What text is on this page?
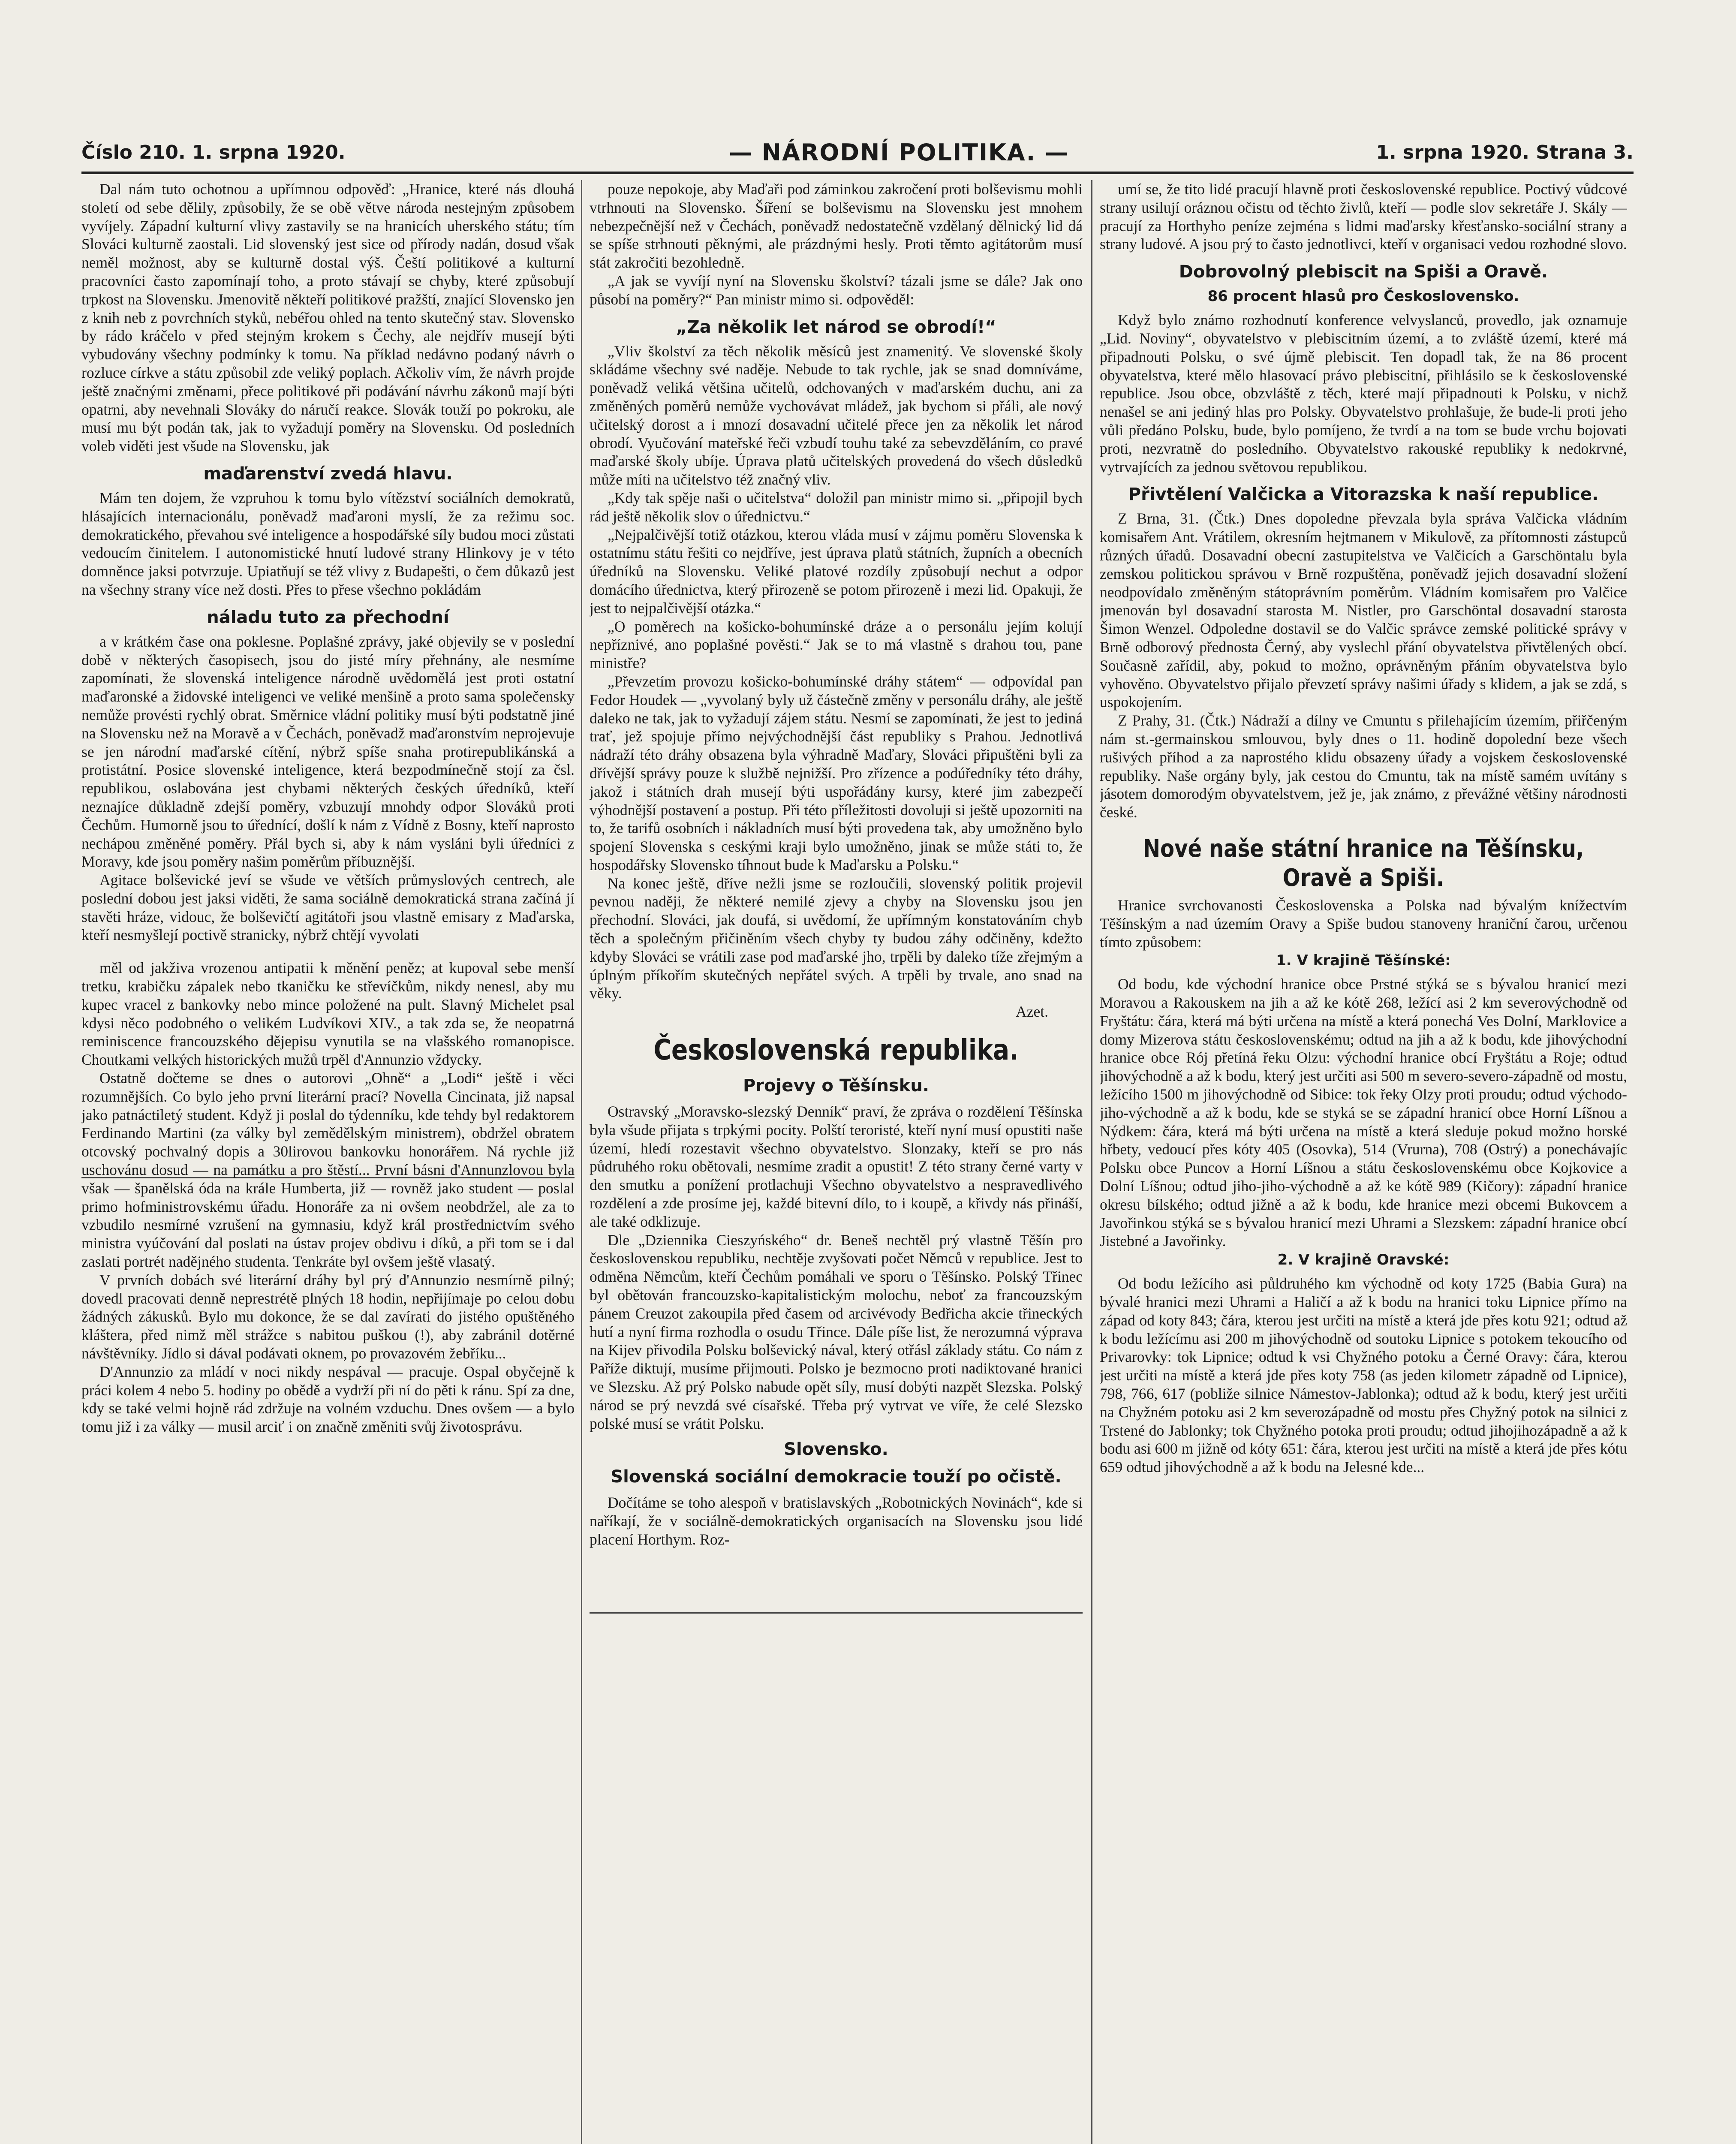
Číslo 210. 1. srpna 1920.	— NÁRODNÍ POLITIKA. —	1. srpna 1920. Strana 3.

Dal nám tuto ochotnou a upřímnou odpověď: „Hranice, které nás dlouhá století od sebe dělily, způsobily, že se obě větve národa nestejným způsobem vyvíjely. Západní kulturní vlivy zastavily se na hranicích uherského státu; tím Slováci kulturně zaostali. Lid slovenský jest sice od přírody nadán, dosud však neměl možnost, aby se kulturně dostal výš. Čeští politikové a kulturní pracovníci často zapomínají toho, a proto stávají se chyby, které způsobují trpkost na Slovensku. Jmenovitě někteří politikové pražští, znající Slovensko jen z knih neb z povrchních styků, nebéřou ohled na tento skutečný stav. Slovensko by rádo kráčelo v před stejným krokem s Čechy, ale nejdřív musejí býti vybudovány všechny podmínky k tomu. Na příklad nedávno podaný návrh o rozluce církve a státu způsobil zde veliký poplach. Ačkoliv vím, že návrh projde ještě značnými změnami, přece politikové při podávání návrhu zákonů mají býti opatrni, aby nevehnali Slováky do náručí reakce. Slovák touží po pokroku, ale musí mu být podán tak, jak to vyžadují poměry na Slovensku. Od posledních voleb viděti jest všude na Slovensku, jak

maďarenství zvedá hlavu.

Mám ten dojem, že vzpruhou k tomu bylo vítězství sociálních demokratů, hlásajících internacionálu, poněvadž maďaroni myslí, že za režimu soc. demokratického, převahou své inteligence a hospodářské síly budou moci zůstati vedoucím činitelem. I autonomistické hnutí ludové strany Hlinkovy je v této domněnce jaksi potvrzuje. Upiatňují se též vlivy z Budapešti, o čem důkazů jest na všechny strany více než dosti. Přes to přese všechno pokládám

náladu tuto za přechodní

a v krátkém čase ona poklesne. Poplašné zprávy, jaké objevily se v poslední době v některých časopisech, jsou do jisté míry přehnány, ale nesmíme zapomínati, že slovenská inteligence národně uvědomělá jest proti ostatní maďaronské a židovské inteligenci ve veliké menšině a proto sama společensky nemůže provésti rychlý obrat. Směrnice vládní politiky musí býti podstatně jiné na Slovensku než na Moravě a v Čechách, poněvadž maďaronstvím neprojevuje se jen národní maďarské cítění, nýbrž spíše snaha protirepublikánská a protistátní. Posice slovenské inteligence, která bezpodmínečně stojí za čsl. republikou, oslabována jest chybami některých českých úředníků, kteří neznajíce důkladně zdejší poměry, vzbuzují mnohdy odpor Slováků proti Čechům. Humorně jsou to úřednící, došlí k nám z Vídně z Bosny, kteří naprosto nechápou změněné poměry. Přál bych si, aby k nám vysláni byli úředníci z Moravy, kde jsou poměry našim poměrům příbuznější.

Agitace bolševické jeví se všude ve větších průmyslových centrech, ale poslední dobou jest jaksi viděti, že sama sociálně demokratická strana začíná jí stavěti hráze, vidouc, že bolševičtí agitátoři jsou vlastně emisary z Maďarska, kteří nesmyšlejí poctivě stranicky, nýbrž chtějí vyvolati

měl od jakživa vrozenou antipatii k měnění peněz; at kupoval sebe menší tretku, krabičku zápalek nebo tkaničku ke střevíčkům, nikdy nenesl, aby mu kupec vracel z bankovky nebo mince položené na pult. Slavný Michelet psal kdysi něco podobného o velikém Ludvíkovi XIV., a tak zda se, že neopatrná reminiscence francouzského dějepisu vynutila se na vlašského romanopisce. Choutkami velkých historických mužů trpěl d'Annunzio vždycky.

Ostatně dočteme se dnes o autorovi „Ohně“ a „Lodi“ ještě i věci rozumnějších. Co bylo jeho první literární prací? Novella Cincinata, již napsal jako patnáctiletý student. Když ji poslal do týdenníku, kde tehdy byl redaktorem Ferdinando Martini (za války byl zemědělským ministrem), obdržel obratem otcovský pochvalný dopis a 30lirovou bankovku honorářem. Ná rychle již uschovánu dosud — na památku a pro štěstí... První básni d'Annunzlovou byla však — španělská óda na krále Humberta, již — rovněž jako student — poslal primo hofministrovskému úřadu. Honoráře za ni ovšem neobdržel, ale za to vzbudilo nesmírné vzrušení na gymnasiu, když král prostřednictvím svého ministra vyúčování dal poslati na ústav projev obdivu i díků, a při tom se i dal zaslati portrét nadějného studenta. Tenkráte byl ovšem ještě vlasatý.

V prvních dobách své literární dráhy byl prý d'Annunzio nesmírně pilný; dovedl pracovati denně neprestrétě plných 18 hodin, nepřijímaje po celou dobu žádných zákusků. Bylo mu dokonce, že se dal zavírati do jistého opuštěného kláštera, před nimž měl strážce s nabitou puškou (!), aby zabránil dotěrné návštěvníky. Jídlo si dával podávati oknem, po provazovém žebříku...

D'Annunzio za mládí v noci nikdy nespával — pracuje. Ospal obyčejně k práci kolem 4 nebo 5. hodiny po obědě a vydrží při ní do pěti k ránu. Spí za dne, kdy se také velmi hojně rád zdržuje na volném vzduchu. Dnes ovšem — a bylo tomu již i za války — musil arciť i on značně změniti svůj životosprávu.

pouze nepokoje, aby Maďaři pod záminkou zakročení proti bolševismu mohli vtrhnouti na Slovensko. Šíření se bolševismu na Slovensku jest mnohem nebezpečnější než v Čechách, poněvadž nedostatečně vzdělaný dělnický lid dá se spíše strhnouti pěknými, ale prázdnými hesly. Proti těmto agitátorům musí stát zakročiti bezohledně.

„A jak se vyvíjí nyní na Slovensku školství? tázali jsme se dále? Jak ono působí na poměry?“ Pan ministr mimo si. odpověděl:

„Za několik let národ se obrodí!“

„Vliv školství za těch několik měsíců jest znamenitý. Ve slovenské školy skládáme všechny své naděje. Nebude to tak rychle, jak se snad domníváme, poněvadž veliká většina učitelů, odchovaných v maďarském duchu, ani za změněných poměrů nemůže vychovávat mládež, jak bychom si přáli, ale nový učitelský dorost a i mnozí dosavadní učitelé přece jen za několik let národ obrodí. Vyučování mateřské řeči vzbudí touhu také za sebevzděláním, co pravé maďarské školy ubíje. Úprava platů učitelských provedená do všech důsledků může míti na učitelstvo též značný vliv.

„Kdy tak spěje naši o učitelstva“ doložil pan ministr mimo si. „připojil bych rád ještě několik slov o úřednictvu.“

„Nejpalčivější totiž otázkou, kterou vláda musí v zájmu poměru Slovenska k ostatnímu státu řešiti co nejdříve, jest úprava platů státních, župních a obecních úředníků na Slovensku. Veliké platové rozdíly způsobují nechut a odpor domácího úřednictva, který přirozeně se potom přirozeně i mezi lid. Opakuji, že jest to nejpalčivější otázka.“

„O poměrech na košicko-bohumínské dráze a o personálu jejím kolují nepříznivé, ano poplašné pověsti.“ Jak se to má vlastně s drahou tou, pane ministře?

„Převzetím provozu košicko-bohumínské dráhy státem“ — odpovídal pan Fedor Houdek — „vyvolaný byly už částečně změny v personálu dráhy, ale ještě daleko ne tak, jak to vyžadují zájem státu. Nesmí se zapomínati, že jest to jediná trať, jež spojuje přímo nejvýchodnější část republiky s Prahou. Jednotlivá nádraží této dráhy obsazena byla výhradně Maďary, Slováci připuštěni byli za dřívější správy pouze k službě nejnižší. Pro zřízence a podúředníky této dráhy, jakož i státních drah musejí býti uspořádány kursy, které jim zabezpečí výhodnější postavení a postup. Při této příležitosti dovoluji si ještě upozorniti na to, že tarifů osobních i nákladních musí býti provedena tak, aby umožněno bylo spojení Slovenska s ceskými kraji bylo umožněno, jinak se může státi to, že hospodářsky Slovensko tíhnout bude k Maďarsku a Polsku.“

Na konec ještě, dříve nežli jsme se rozloučili, slovenský politik projevil pevnou naději, že některé nemilé zjevy a chyby na Slovensku jsou jen přechodní. Slováci, jak doufá, si uvědomí, že upřímným konstatováním chyb těch a společným přičiněním všech chyby ty budou záhy odčiněny, kdežto kdyby Slováci se vrátili zase pod maďarské jho, trpěli by daleko tíže zřejmým a úplným příkořím skutečných nepřátel svých. A trpěli by trvale, ano snad na věky.

Azet.

Československá republika.
Projevy o Těšínsku.

Ostravský „Moravsko-slezský Denník“ praví, že zpráva o rozdělení Těšínska byla všude přijata s trpkými pocity. Polští teroristé, kteří nyní musí opustiti naše území, hledí rozestavit všechno obyvatelstvo. Slonzaky, kteří se pro nás půdruhého roku obětovali, nesmíme zradit a opustit! Z této strany černé varty v den smutku a ponížení protlachuji Všechno obyvatelstvo a nespravedlivého rozdělení a zde prosíme jej, každé bitevní dílo, to i koupě, a křivdy nás přináší, ale také odklizuje.

Dle „Dziennika Cieszyńského“ dr. Beneš nechtěl prý vlastně Těšín pro československou republiku, nechtěje zvyšovati počet Němců v republice. Jest to odměna Němcům, kteří Čechům pomáhali ve sporu o Těšínsko. Polský Třinec byl obětován francouzsko-kapitalistickým molochu, neboť za francouzským pánem Creuzot zakoupila před časem od arcivévody Bedřicha akcie třineckých hutí a nyní firma rozhodla o osudu Třince. Dále píše list, že nerozumná výprava na Kijev přivodila Polsku bolševický nával, který otřásl základy státu. Co nám z Paříže diktují, musíme přijmouti. Polsko je bezmocno proti nadiktované hranici ve Slezsku. Až prý Polsko nabude opět síly, musí dobýti nazpět Slezska. Polský národ se prý nevzdá své císařské. Třeba prý vytrvat ve víře, že celé Slezsko polské musí se vrátit Polsku.

Slovensko.
Slovenská sociální demokracie touží po očistě.

Dočítáme se toho alespoň v bratislavských „Robotnických Novinách“, kde si naříkají, že v sociálně-demokratických organisacích na Slovensku jsou lidé placení Horthym. Roz-

umí se, že tito lidé pracují hlavně proti československé republice. Poctivý vůdcové strany usilují oráznou očistu od těchto živlů, kteří — podle slov sekretáře J. Skály — pracují za Horthyho peníze zejména s lidmi maďarsky křesťansko-sociální strany a strany ludové. A jsou prý to často jednotlivci, kteří v organisaci vedou rozhodné slovo.

Dobrovolný plebiscit na Spiši a Oravě.
86 procent hlasů pro Československo.

Když bylo známo rozhodnutí konference velvyslanců, provedlo, jak oznamuje „Lid. Noviny“, obyvatelstvo v plebiscitním území, a to zvláště území, které má připadnouti Polsku, o své újmě plebiscit. Ten dopadl tak, že na 86 procent obyvatelstva, které mělo hlasovací právo plebiscitní, přihlásilo se k československé republice. Jsou obce, obzvláště z těch, které mají připadnouti k Polsku, v nichž nenašel se ani jediný hlas pro Polsky. Obyvatelstvo prohlašuje, že bude-li proti jeho vůli předáno Polsku, bude, bylo pomíjeno, že tvrdí a na tom se bude vrchu bojovati proti, nezvratně do posledního. Obyvatelstvo rakouské republiky k nedokrvné, vytrvajících za jednou světovou republikou.

Přivtělení Valčicka a Vitorazska k naší republice.

Z Brna, 31. (Čtk.) Dnes dopoledne převzala byla správa Valčicka vládním komisařem Ant. Vrátilem, okresním hejtmanem v Mikulově, za přítomnosti zástupců různých úřadů. Dosavadní obecní zastupitelstva ve Valčicích a Garschöntalu byla zemskou politickou správou v Brně rozpuštěna, poněvadž jejich dosavadní složení neodpovídalo změněným státoprávním poměrům. Vládním komisařem pro Valčice jmenován byl dosavadní starosta M. Nistler, pro Garschöntal dosavadní starosta Šimon Wenzel. Odpoledne dostavil se do Valčic správce zemské politické správy v Brně odborový přednosta Černý, aby vyslechl přání obyvatelstva přivtělených obcí. Současně zařídil, aby, pokud to možno, oprávněným přáním obyvatelstva bylo vyhověno. Obyvatelstvo přijalo převzetí správy našimi úřady s klidem, a jak se zdá, s uspokojením.

Z Prahy, 31. (Čtk.) Nádraží a dílny ve Cmuntu s přilehajícím územím, přiřčeným nám st.-germainskou smlouvou, byly dnes o 11. hodině dopolední beze všech rušivých příhod a za naprostého klidu obsazeny úřady a vojskem československé republiky. Naše orgány byly, jak cestou do Cmuntu, tak na místě samém uvítány s jásotem domorodým obyvatelstvem, jež je, jak známo, z převážné většiny národnosti české.

Nové naše státní hranice na Těšínsku, Oravě a Spiši.

Hranice svrchovanosti Československa a Polska nad bývalým knížectvím Těšínským a nad územím Oravy a Spiše budou stanoveny hraniční čarou, určenou tímto způsobem:

1. V krajině Těšínské:

Od bodu, kde východní hranice obce Prstné stýká se s bývalou hranicí mezi Moravou a Rakouskem na jih a až ke kótě 268, ležící asi 2 km severovýchodně od Fryštátu: čára, která má býti určena na místě a která ponechá Ves Dolní, Marklovice a domy Mizerova státu československému; odtud na jih a až k bodu, kde jihovýchodní hranice obce Rój přetíná řeku Olzu: východní hranice obcí Fryštátu a Roje; odtud jihovýchodně a až k bodu, který jest určiti asi 500 m severo-severo-západně od mostu, ležícího 1500 m jihovýchodně od Sibice: tok řeky Olzy proti proudu; odtud východo-jiho-východně a až k bodu, kde se styká se se západní hranicí obce Horní Líšnou a Nýdkem: čára, která má býti určena na místě a která sleduje pokud možno horské hřbety, vedoucí přes kóty 405 (Osovka), 514 (Vrurna), 708 (Ostrý) a ponechávajíc Polsku obce Puncov a Horní Líšnou a státu československému obce Kojkovice a Dolní Líšnou; odtud jiho-jiho-východně a až ke kótě 989 (Kičory): západní hranice okresu bílského; odtud jižně a až k bodu, kde hranice mezi obcemi Bukovcem a Javořinkou stýká se s bývalou hranicí mezi Uhrami a Slezskem: západní hranice obcí Jistebné a Javořinky.

2. V krajině Oravské:

Od bodu ležícího asi půldruhého km východně od koty 1725 (Babia Gura) na bývalé hranici mezi Uhrami a Haličí a až k bodu na hranici toku Lipnice přímo na západ od koty 843; čára, kterou jest určiti na místě a která jde přes kotu 921; odtud až k bodu ležícímu asi 200 m jihovýchodně od soutoku Lipnice s potokem tekoucího od Privarovky: tok Lipnice; odtud k vsi Chyžného potoku a Černé Oravy: čára, kterou jest určiti na místě a která jde přes koty 758 (as jeden kilometr západně od Lipnice), 798, 766, 617 (pobliže silnice Námestov-Jablonka); odtud až k bodu, který jest určiti na Chyžném potoku asi 2 km severozápadně od mostu přes Chyžný potok na silnici z Trstené do Jablonky; tok Chyžného potoka proti proudu; odtud jihojihozápadně a až k bodu asi 600 m jižně od kóty 651: čára, kterou jest určiti na místě a která jde přes kótu 659 odtud jihovýchodně a až k bodu na Jelesné kde...
